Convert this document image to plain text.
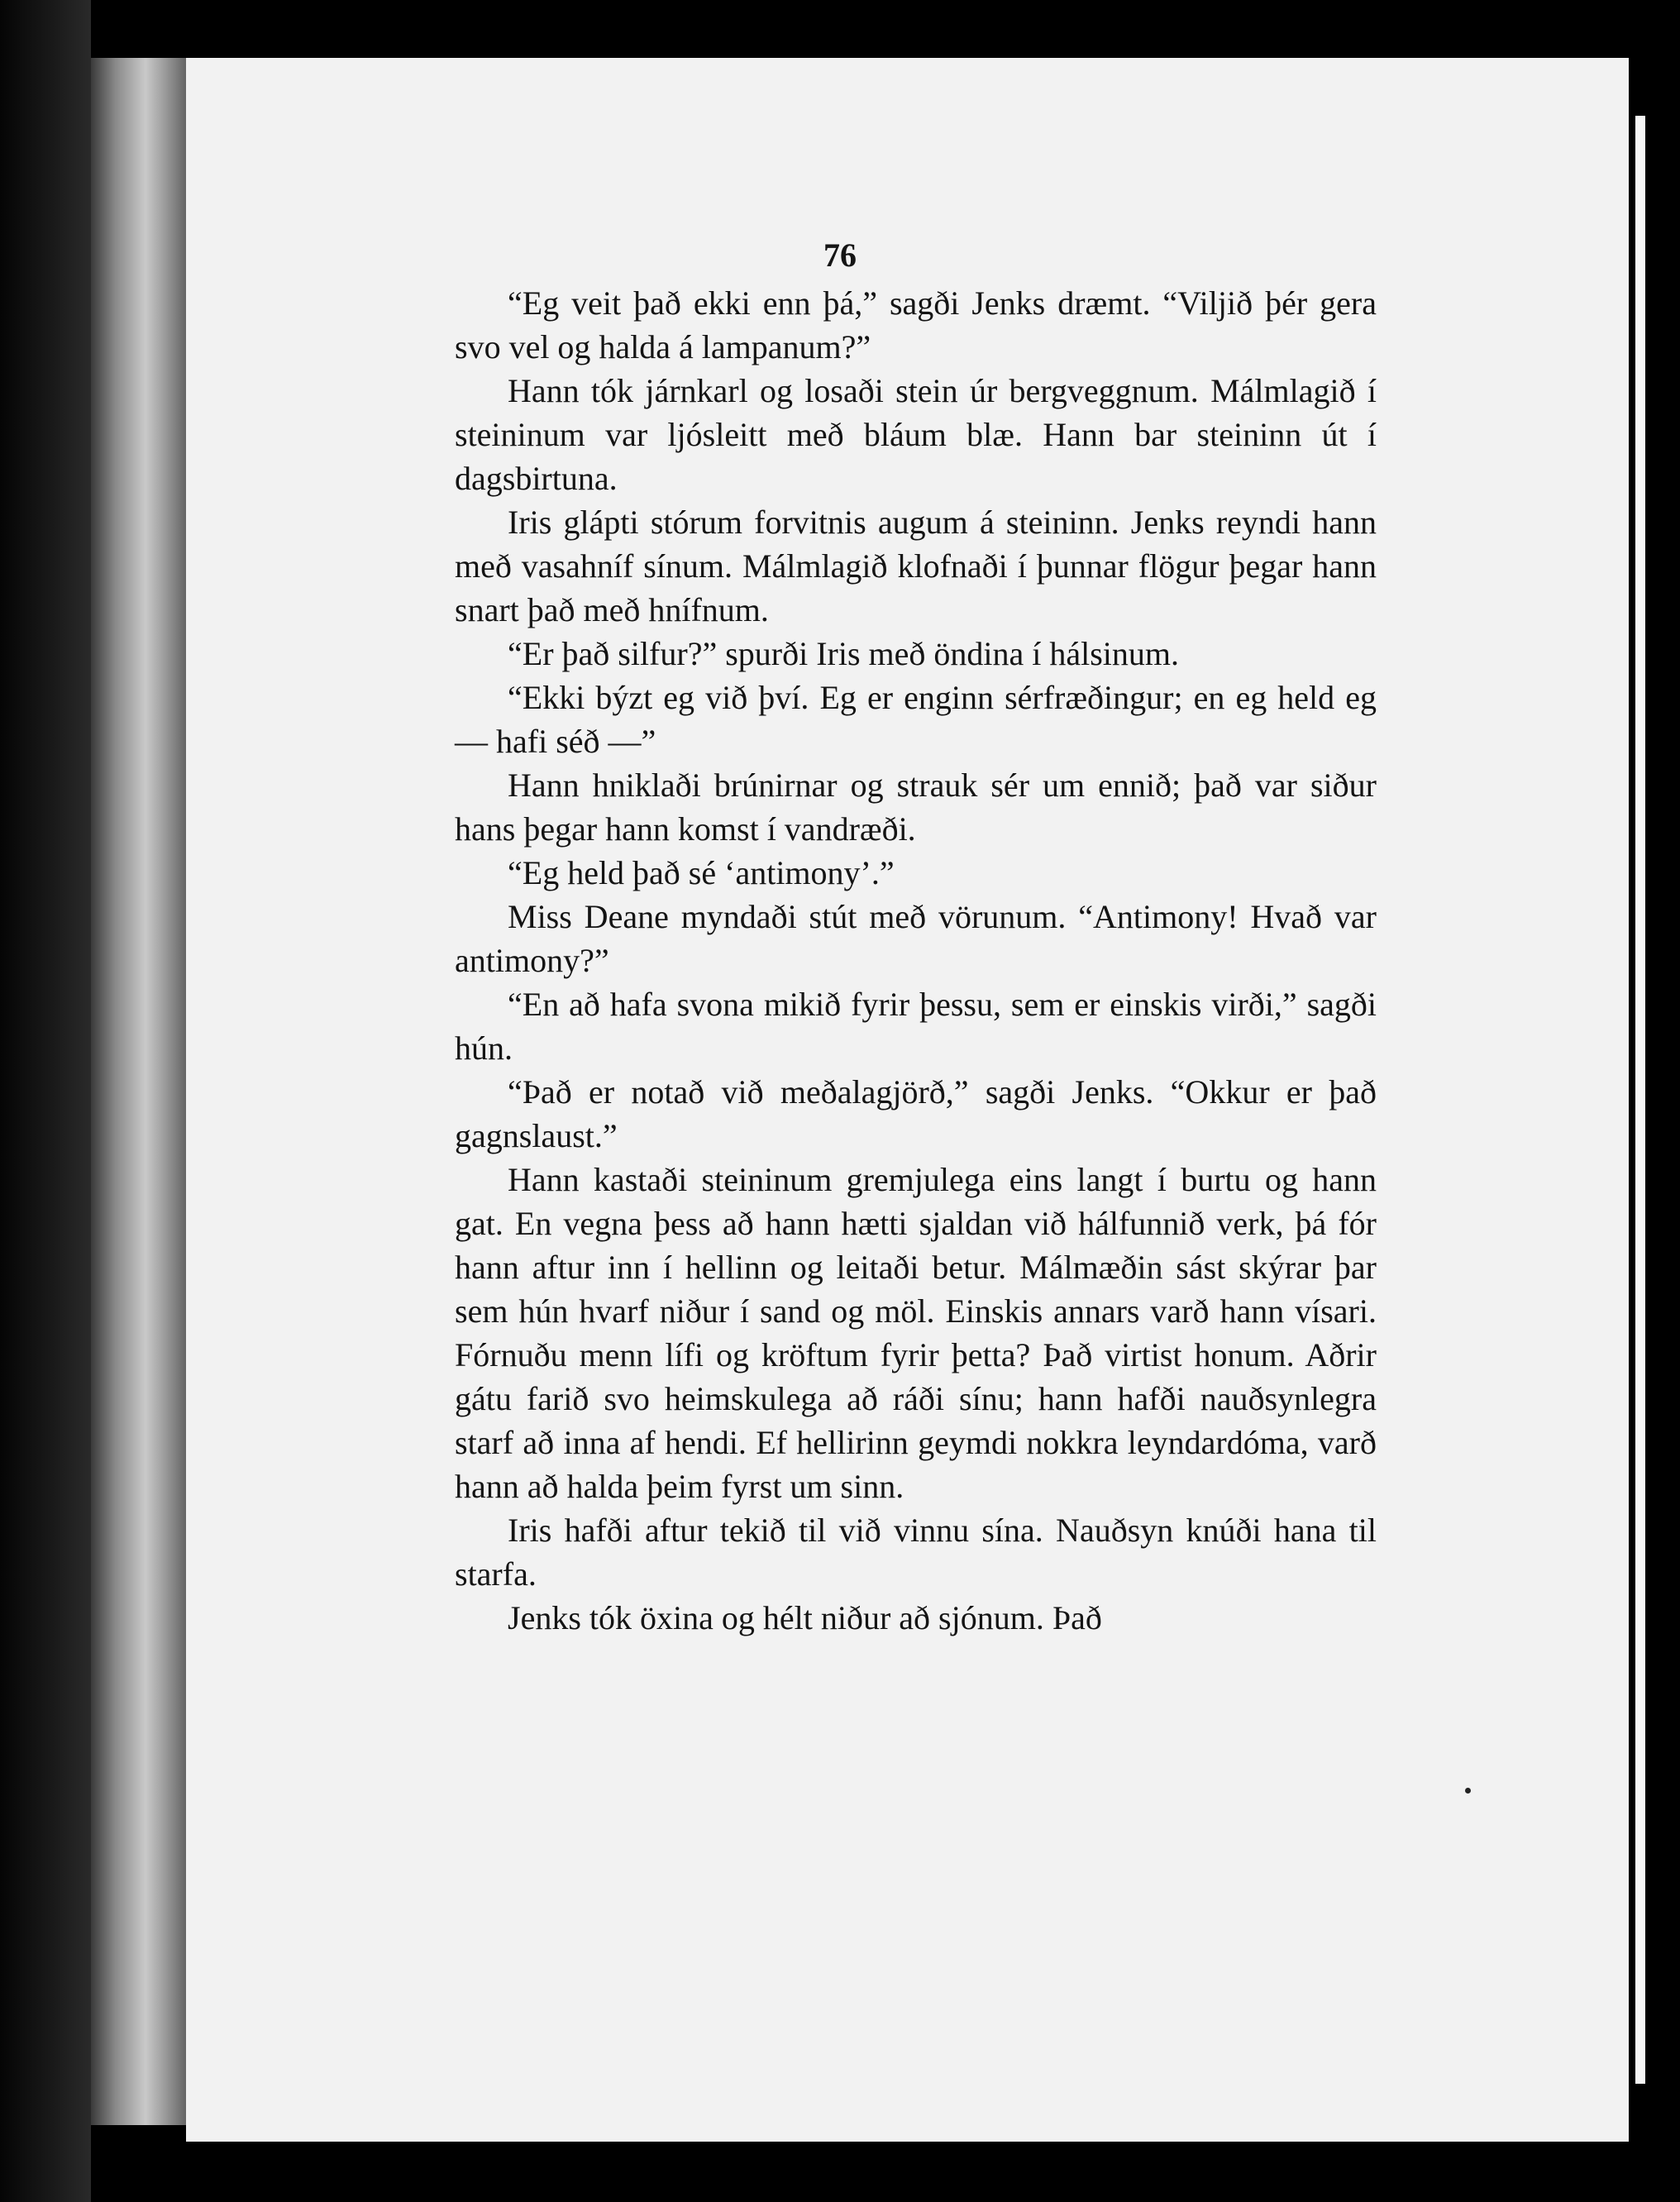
76

“Eg veit það ekki enn þá,” sagði Jenks dræmt. “Viljið þér gera svo vel og halda á lampanum?”

Hann tók járnkarl og losaði stein úr bergveggnum. Málmlagið í steininum var ljósleitt með bláum blæ. Hann bar steininn út í dagsbirtuna.

Iris glápti stórum forvitnis augum á steininn. Jenks reyndi hann með vasahníf sínum. Málmlagið klofnaði í þunnar flögur þegar hann snart það með hnífnum.

“Er það silfur?” spurði Iris með öndina í hálsinum.

“Ekki býzt eg við því. Eg er enginn sérfræðingur; en eg held eg — hafi séð —”

Hann hniklaði brúnirnar og strauk sér um ennið; það var siður hans þegar hann komst í vandræði.

“Eg held það sé ‘antimony’.”

Miss Deane myndaði stút með vörunum. “Antimony! Hvað var antimony?”

“En að hafa svona mikið fyrir þessu, sem er einskis virði,” sagði hún.

“Það er notað við meðalagjörð,” sagði Jenks. “Okkur er það gagnslaust.”

Hann kastaði steininum gremjulega eins langt í burtu og hann gat. En vegna þess að hann hætti sjaldan við hálfunnið verk, þá fór hann aftur inn í hellinn og leitaði betur. Málmæðin sást skýrar þar sem hún hvarf niður í sand og möl. Einskis annars varð hann vísari. Fórnuðu menn lífi og kröftum fyrir þetta? Það virtist honum. Aðrir gátu farið svo heimskulega að ráði sínu; hann hafði nauðsynlegra starf að inna af hendi. Ef hellirinn geymdi nokkra leyndardóma, varð hann að halda þeim fyrst um sinn.

Iris hafði aftur tekið til við vinnu sína. Nauðsyn knúði hana til starfa.

Jenks tók öxina og hélt niður að sjónum. Það
